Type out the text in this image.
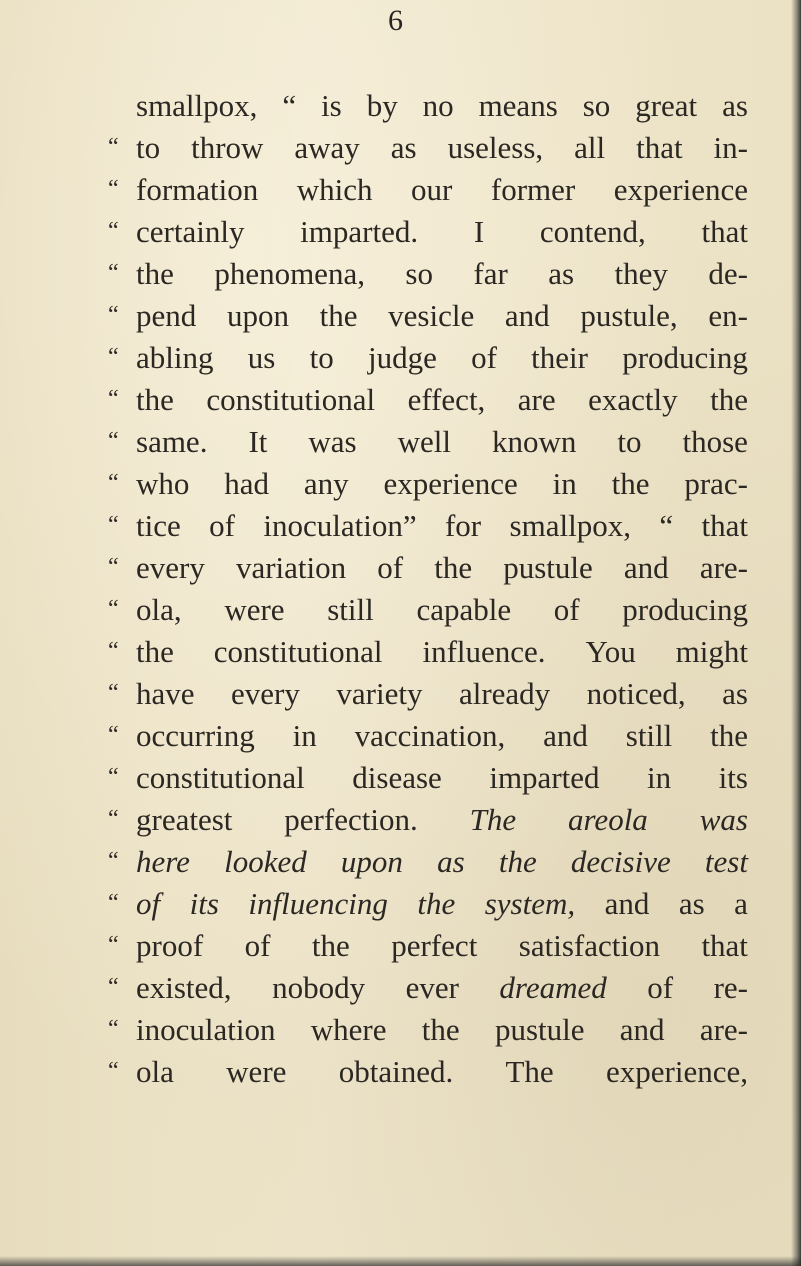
6
smallpox, “ is by no means so great as
“ to throw away as useless, all that in-
“ formation which our former experience
“ certainly imparted. I contend, that
“ the phenomena, so far as they de-
“ pend upon the vesicle and pustule, en-
“ abling us to judge of their producing
“ the constitutional effect, are exactly the
“ same. It was well known to those
“ who had any experience in the prac-
“ tice of inoculation” for smallpox, “ that
“ every variation of the pustule and are-
“ ola, were still capable of producing
“ the constitutional influence. You might
“ have every variety already noticed, as
“ occurring in vaccination, and still the
“ constitutional disease imparted in its
“ greatest perfection. The areola was
“ here looked upon as the decisive test
“ of its influencing the system, and as a
“ proof of the perfect satisfaction that
“ existed, nobody ever dreamed of re-
“ inoculation where the pustule and are-
“ ola were obtained. The experience,
